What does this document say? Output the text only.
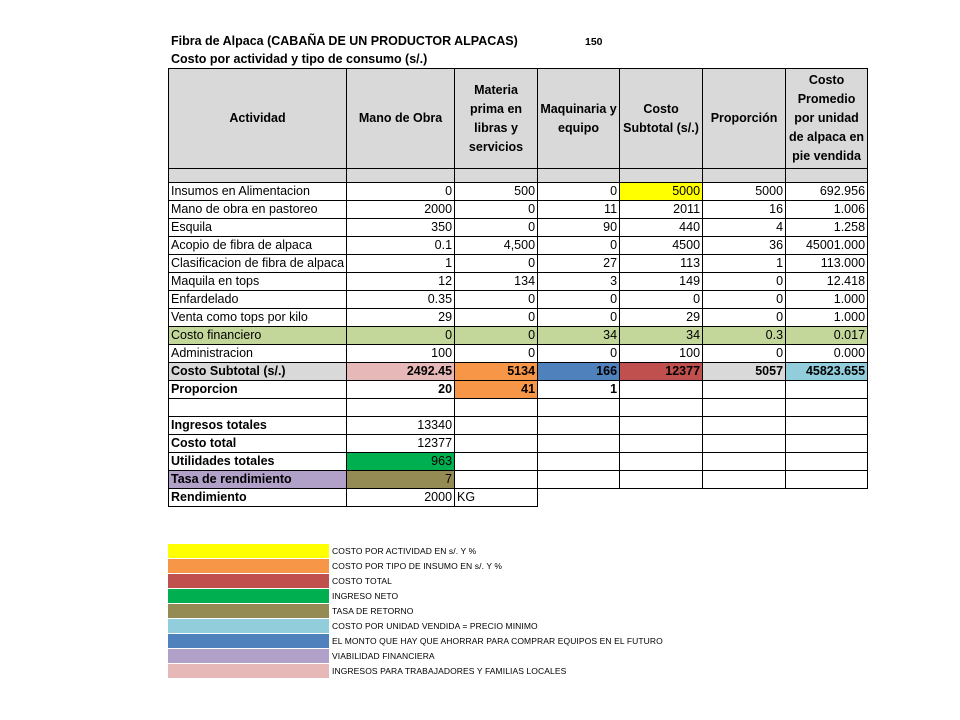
Fibra de Alpaca (CABAÑA DE UN PRODUCTOR ALPACAS)
Costo por actividad y tipo de consumo (s/.)
150
Actividad	Mano de Obra	Materia prima en libras y servicios	Maquinaria y equipo	Costo Subtotal (s/.)	Proporción	Costo Promedio por unidad de alpaca en pie vendida

Insumos en Alimentacion	0	500	0	5000	5000	692.956
Mano de obra en pastoreo	2000	0	11	2011	16	1.006
Esquila	350	0	90	440	4	1.258
Acopio de fibra de alpaca	0.1	4,500	0	4500	36	45001.000
Clasificacion de fibra de alpaca	1	0	27	113	1	113.000
Maquila en tops	12	134	3	149	0	12.418
Enfardelado	0.35	0	0	0	0	1.000
Venta como tops por kilo	29	0	0	29	0	1.000
Costo financiero	0	0	34	34	0.3	0.017
Administracion	100	0	0	100	0	0.000
Costo Subtotal (s/.)	2492.45	5134	166	12377	5057	45823.655
Proporcion	20	41	1			

Ingresos totales	13340					
Costo total	12377					
Utilidades totales	963					
Tasa de rendimiento	7					
Rendimiento	2000	KG				
COSTO POR ACTIVIDAD EN s/. Y %
COSTO POR TIPO DE INSUMO EN s/. Y %
COSTO TOTAL
INGRESO NETO
TASA DE RETORNO
COSTO POR UNIDAD VENDIDA = PRECIO MINIMO
EL MONTO QUE HAY QUE AHORRAR PARA COMPRAR EQUIPOS EN EL FUTURO
VIABILIDAD FINANCIERA
INGRESOS PARA TRABAJADORES Y FAMILIAS LOCALES
